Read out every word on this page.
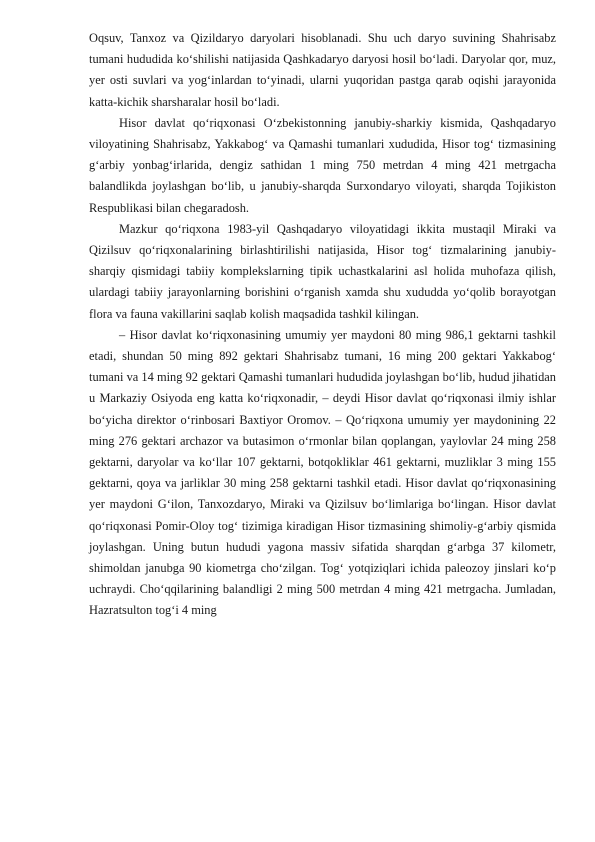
Oqsuv, Tanxoz va Qizildaryo daryolari hisoblanadi. Shu uch daryo suvining Shahrisabz tumani hududida ko‘shilishi natijasida Qashkadaryo daryosi hosil bo‘ladi. Daryolar qor, muz, yer osti suvlari va yog‘inlardan to‘yinadi, ularni yuqoridan pastga qarab oqishi jarayonida katta-kichik sharsharalar hosil bo‘ladi.

Hisor davlat qo‘riqxonasi O‘zbekistonning janubiy-sharkiy kismida, Qashqadaryo viloyatining Shahrisabz, Yakkabog‘ va Qamashi tumanlari xududida, Hisor tog‘ tizmasining g‘arbiy yonbag‘irlarida, dengiz sathidan 1 ming 750 metrdan 4 ming 421 metrgacha balandlikda joylashgan bo‘lib, u janubiy-sharqda Surxondaryo viloyati, sharqda Tojikiston Respublikasi bilan chegaradosh.

Mazkur qo‘riqxona 1983-yil Qashqadaryo viloyatidagi ikkita mustaqil Miraki va Qizilsuv qo‘riqxonalarining birlashtirilishi natijasida, Hisor tog‘ tizmalarining janubiy-sharqiy qismidagi tabiiy komplekslarning tipik uchastkalarini asl holida muhofaza qilish, ulardagi tabiiy jarayonlarning borishini o‘rganish xamda shu xududda yo‘qolib borayotgan flora va fauna vakillarini saqlab kolish maqsadida tashkil kilingan.

– Hisor davlat ko‘riqxonasining umumiy yer maydoni 80 ming 986,1 gektarni tashkil etadi, shundan 50 ming 892 gektari Shahrisabz tumani, 16 ming 200 gektari Yakkabog‘ tumani va 14 ming 92 gektari Qamashi tumanlari hududida joylashgan bo‘lib, hudud jihatidan u Markaziy Osiyoda eng katta ko‘riqxonadir, – deydi Hisor davlat qo‘riqxonasi ilmiy ishlar bo‘yicha direktor o‘rinbosari Baxtiyor Oromov. – Qo‘riqxona umumiy yer maydonining 22 ming 276 gektari archazor va butasimon o‘rmonlar bilan qoplangan, yaylovlar 24 ming 258 gektarni, daryolar va ko‘llar 107 gektarni, botqokliklar 461 gektarni, muzliklar 3 ming 155 gektarni, qoya va jarliklar 30 ming 258 gektarni tashkil etadi. Hisor davlat qo‘riqxonasining yer maydoni G‘ilon, Tanxozdaryo, Miraki va Qizilsuv bo‘limlariga bo‘lingan. Hisor davlat qo‘riqxonasi Pomir-Oloy tog‘ tizimiga kiradigan Hisor tizmasining shimoliy-g‘arbiy qismida joylashgan. Uning butun hududi yagona massiv sifatida sharqdan g‘arbga 37 kilometr, shimoldan janubga 90 kiometrga cho‘zilgan. Tog‘ yotqiziqlari ichida paleozoy jinslari ko‘p uchraydi. Cho‘qqilarining balandligi 2 ming 500 metrdan 4 ming 421 metrgacha. Jumladan, Hazratsulton tog‘i 4 ming
